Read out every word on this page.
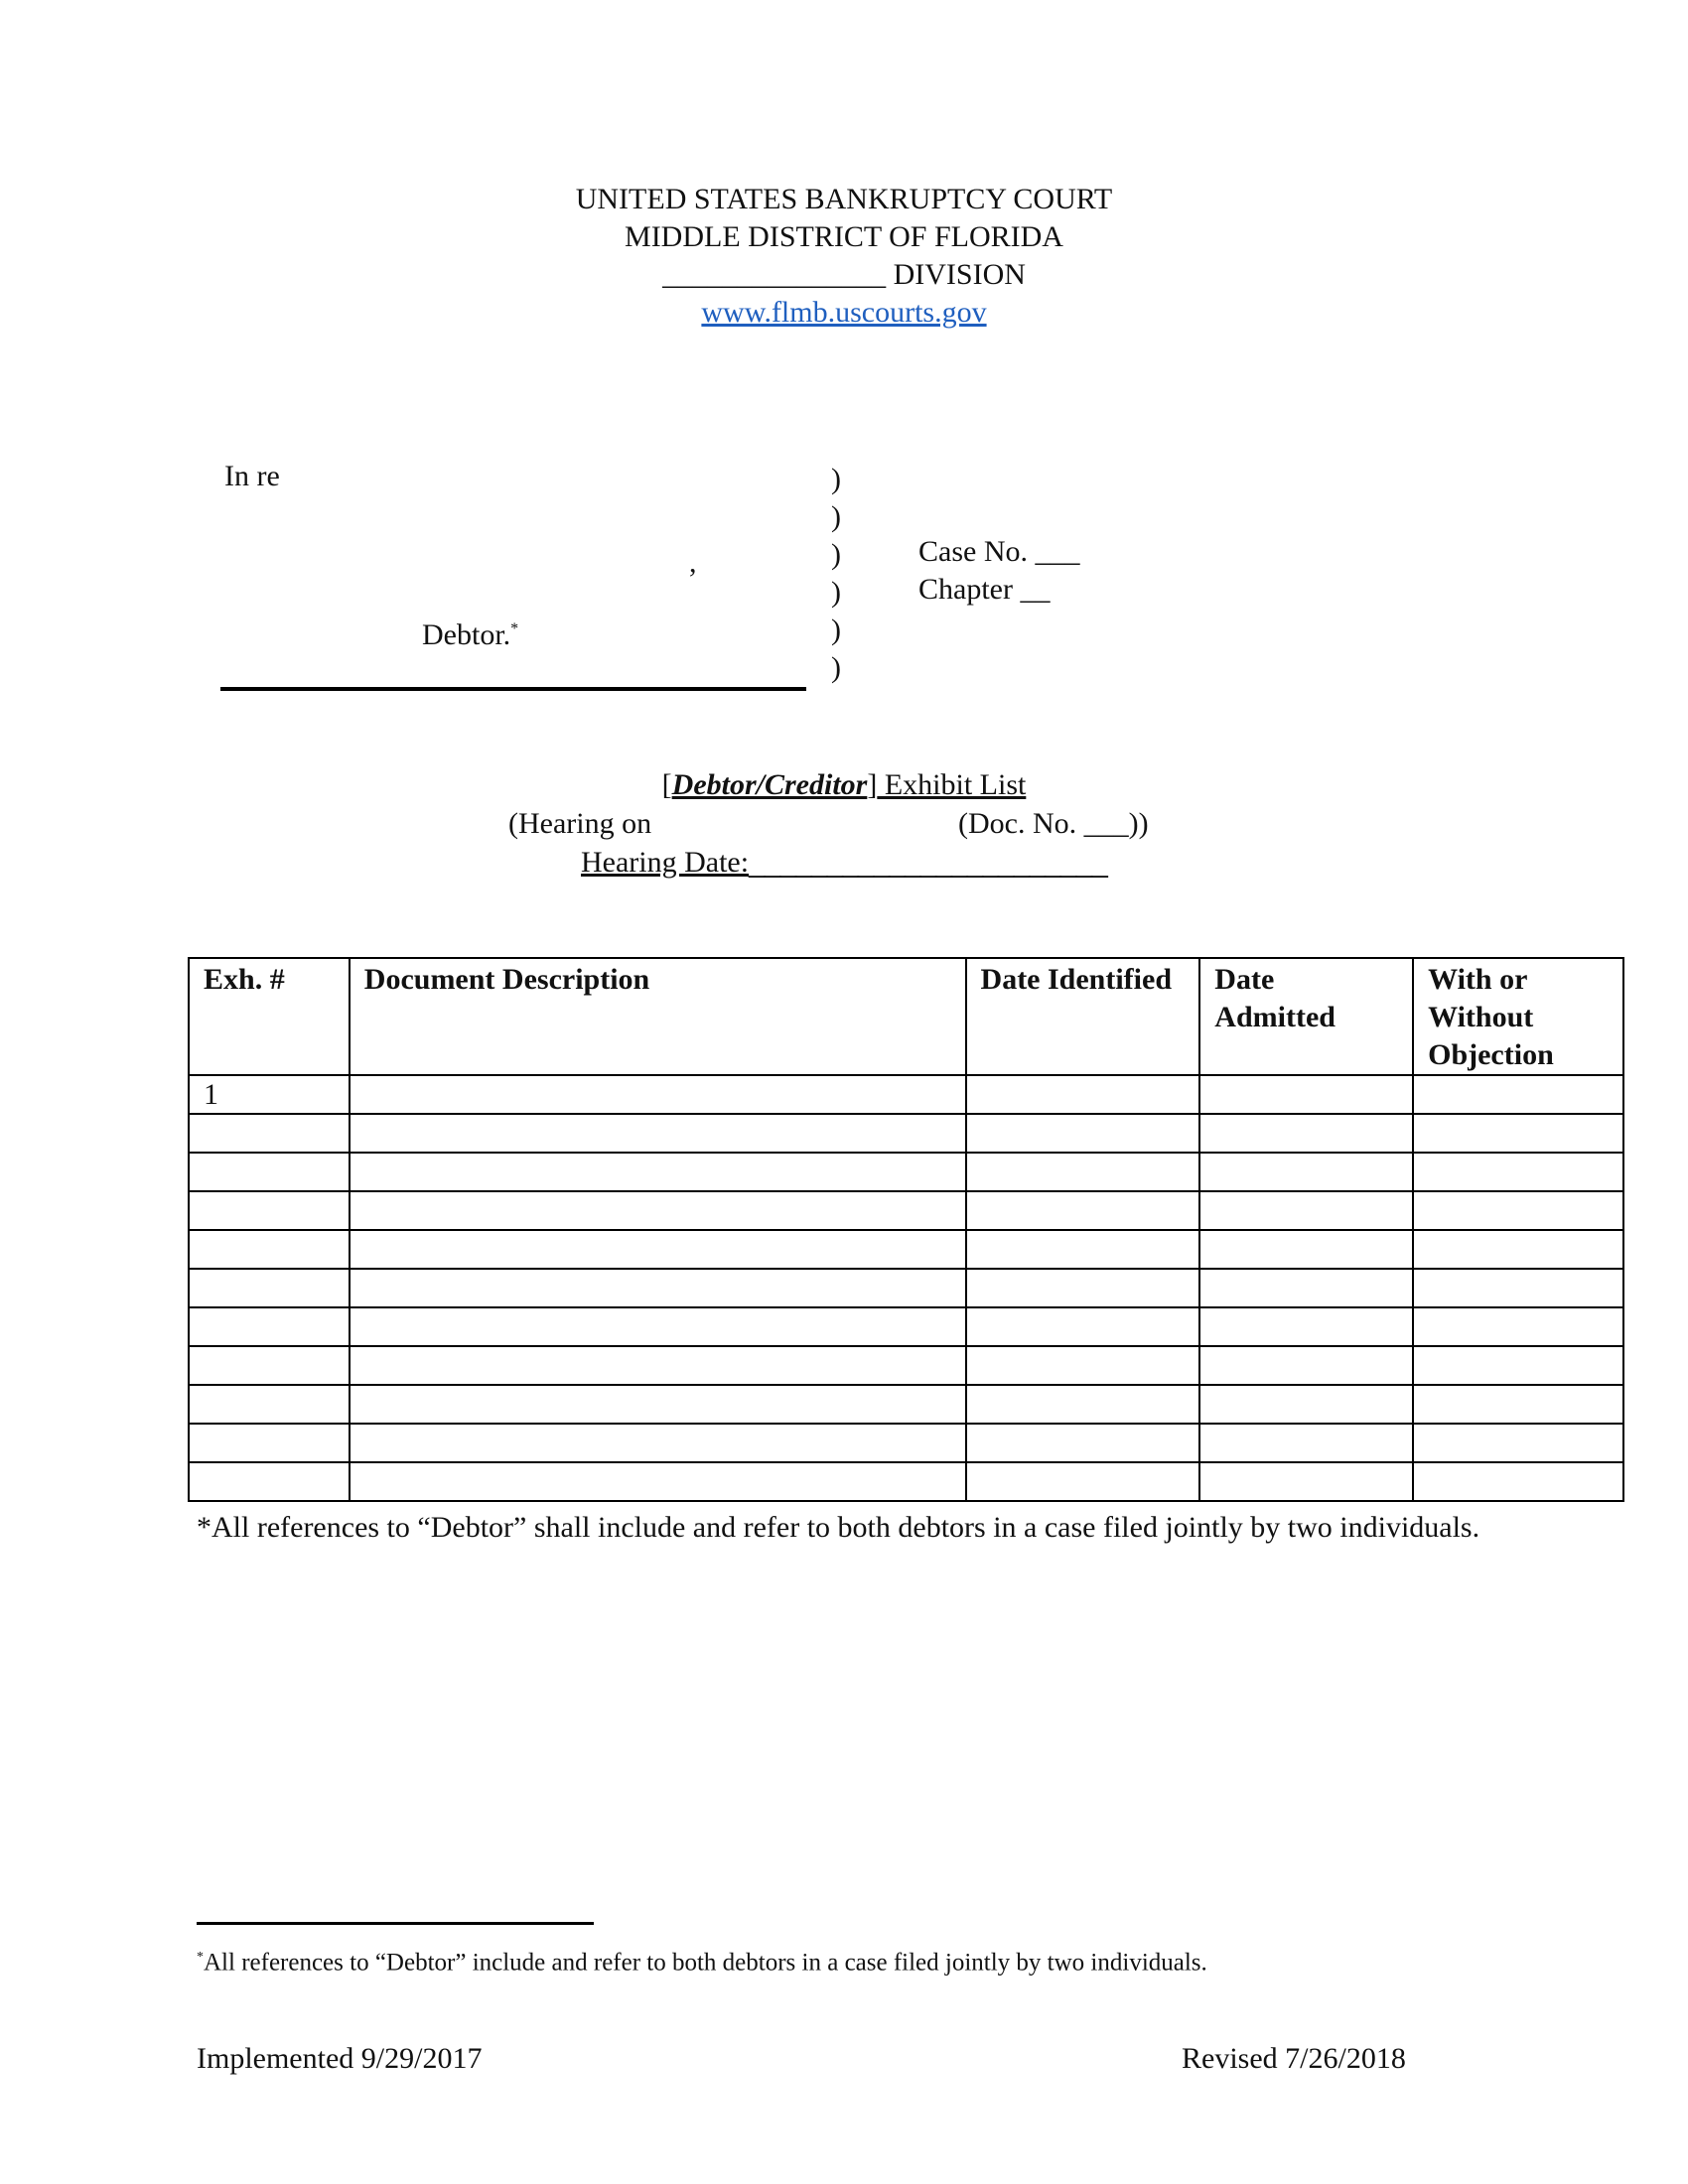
UNITED STATES BANKRUPTCY COURT
MIDDLE DISTRICT OF FLORIDA
_______________ DIVISION
www.flmb.uscourts.gov
In re
,
Debtor.*
)
)
)
)
)
)
Case No. ___
Chapter __
[Debtor/Creditor] Exhibit List
(Hearing on	(Doc. No. ___))
Hearing Date:_______________________
Exh. #	Document Description	Date Identified	Date Admitted	With or Without Objection
1				

*All references to “Debtor” shall include and refer to both debtors in a case filed jointly by two individuals.
*All references to “Debtor” include and refer to both debtors in a case filed jointly by two individuals.
Implemented 9/29/2017	Revised 7/26/2018
